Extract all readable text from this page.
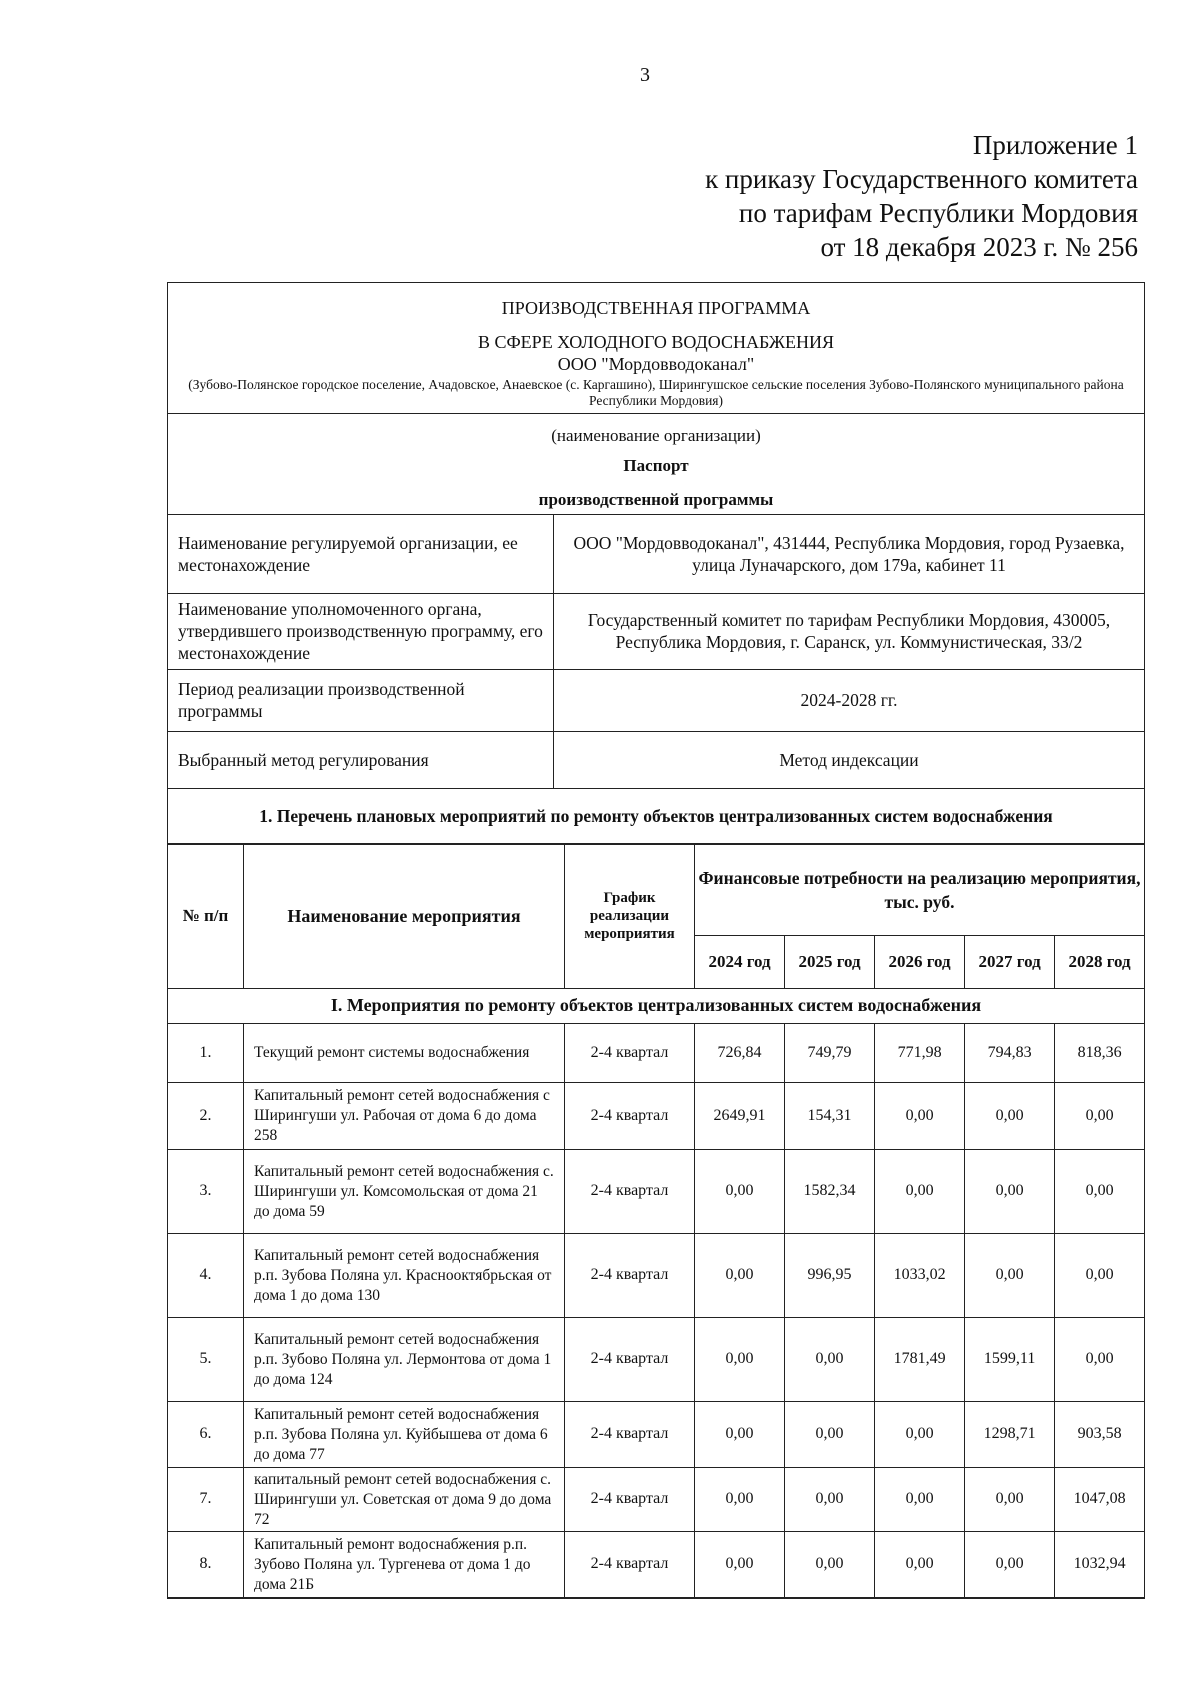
3
Приложение 1
к приказу Государственного комитета
по тарифам Республики Мордовия
от 18 декабря 2023 г. № 256
ПРОИЗВОДСТВЕННАЯ ПРОГРАММА
В СФЕРЕ ХОЛОДНОГО ВОДОСНАБЖЕНИЯ
ООО "Мордовводоканал"
(Зубово-Полянское городское поселение, Ачадовское, Анаевское (с. Каргашино), Ширингушское сельские поселения Зубово-Полянского муниципального района Республики Мордовия)
(наименование организации)
Паспорт
производственной программы
Наименование регулируемой организации, ее местонахождение	ООО "Мордовводоканал", 431444, Республика Мордовия, город Рузаевка, улица Луначарского, дом 179а, кабинет 11
Наименование уполномоченного органа, утвердившего производственную программу, его местонахождение	Государственный комитет по тарифам Республики Мордовия, 430005, Республика Мордовия, г. Саранск, ул. Коммунистическая, 33/2
Период реализации производственной программы	2024-2028 гг.
Выбранный метод регулирования	Метод индексации
1. Перечень плановых мероприятий по ремонту объектов централизованных систем водоснабжения
№ п/п	Наименование мероприятия	График реализации мероприятия	Финансовые потребности на реализацию мероприятия, тыс. руб.				
			2024 год	2025 год	2026 год	2027 год	2028 год
I. Мероприятия по ремонту объектов централизованных систем водоснабжения							
1.	Текущий ремонт системы водоснабжения	2-4 квартал	726,84	749,79	771,98	794,83	818,36
2.	Капитальный ремонт сетей водоснабжения с Ширингуши ул. Рабочая от дома 6 до дома 258	2-4 квартал	2649,91	154,31	0,00	0,00	0,00
3.	Капитальный ремонт сетей водоснабжения с. Ширингуши ул. Комсомольская от дома 21 до дома 59	2-4 квартал	0,00	1582,34	0,00	0,00	0,00
4.	Капитальный ремонт сетей водоснабжения р.п. Зубова Поляна ул. Краснооктябрьская от дома 1 до дома 130	2-4 квартал	0,00	996,95	1033,02	0,00	0,00
5.	Капитальный ремонт сетей водоснабжения р.п. Зубово Поляна ул. Лермонтова от дома 1 до дома 124	2-4 квартал	0,00	0,00	1781,49	1599,11	0,00
6.	Капитальный ремонт сетей водоснабжения р.п. Зубова Поляна ул. Куйбышева от дома 6 до дома 77	2-4 квартал	0,00	0,00	0,00	1298,71	903,58
7.	капитальный ремонт сетей водоснабжения с. Ширингуши ул. Советская от дома 9 до дома 72	2-4 квартал	0,00	0,00	0,00	0,00	1047,08
8.	Капитальный ремонт водоснабжения р.п. Зубово Поляна ул. Тургенева от дома 1 до дома 21Б	2-4 квартал	0,00	0,00	0,00	0,00	1032,94
